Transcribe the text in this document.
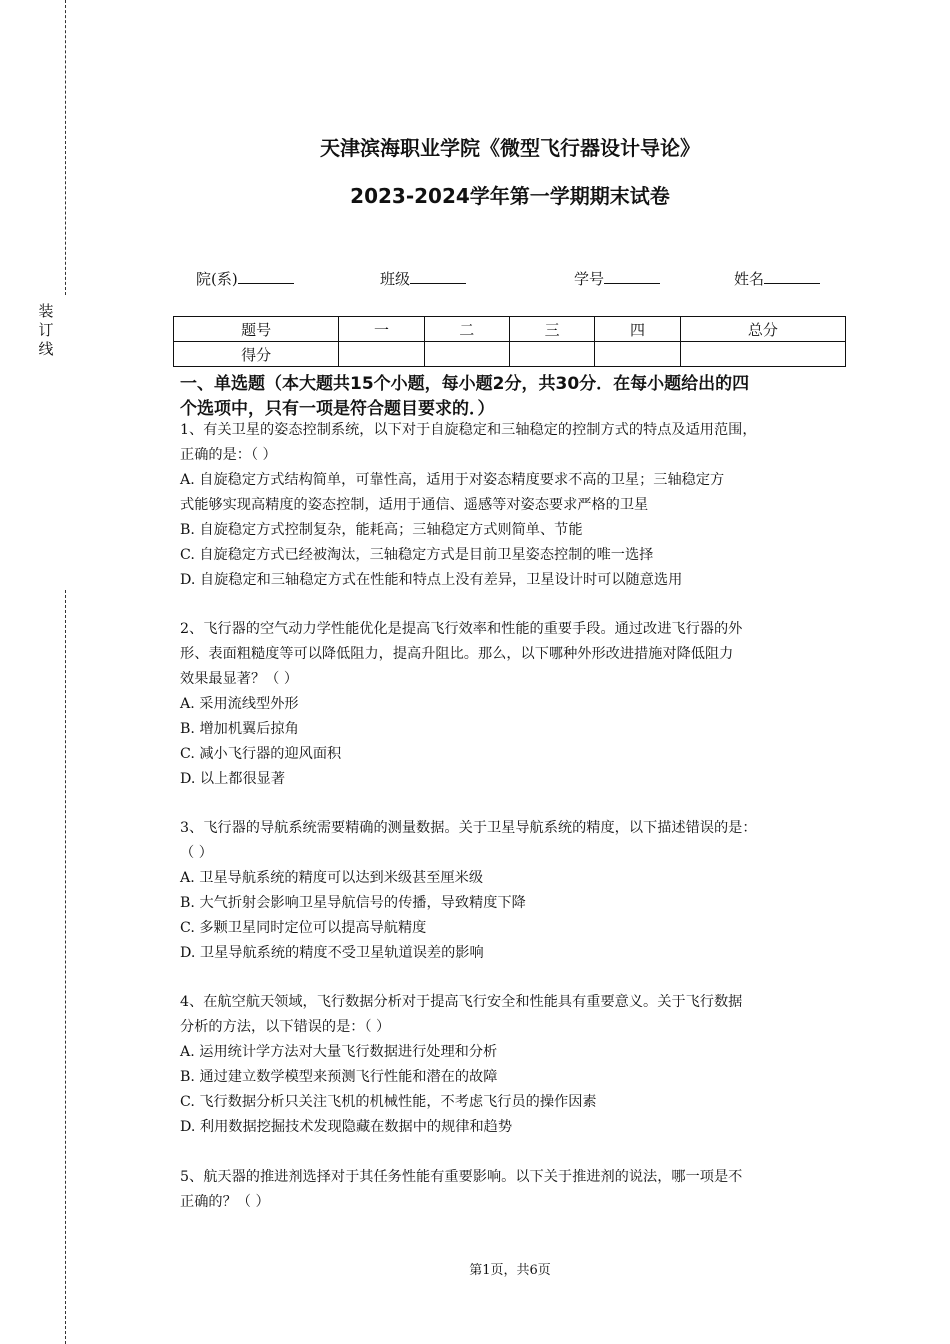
装
订
线
天津滨海职业学院《微型飞行器设计导论》
2023-2024学年第一学期期末试卷
院(系)	班级	学号	姓名
题号	一	二	三	四	总分
得分					
一、单选题（本大题共15个小题，每小题2分，共30分．在每小题给出的四
个选项中，只有一项是符合题目要求的．）

1、有关卫星的姿态控制系统，以下对于自旋稳定和三轴稳定的控制方式的特点及适用范围，

正确的是：（ ）

A. 自旋稳定方式结构简单，可靠性高，适用于对姿态精度要求不高的卫星；三轴稳定方

式能够实现高精度的姿态控制，适用于通信、遥感等对姿态要求严格的卫星

B. 自旋稳定方式控制复杂，能耗高；三轴稳定方式则简单、节能

C. 自旋稳定方式已经被淘汰，三轴稳定方式是目前卫星姿态控制的唯一选择

D. 自旋稳定和三轴稳定方式在性能和特点上没有差异，卫星设计时可以随意选用

2、飞行器的空气动力学性能优化是提高飞行效率和性能的重要手段。通过改进飞行器的外

形、表面粗糙度等可以降低阻力，提高升阻比。那么，以下哪种外形改进措施对降低阻力

效果最显著？（ ）

A. 采用流线型外形

B. 增加机翼后掠角

C. 减小飞行器的迎风面积

D. 以上都很显著

3、飞行器的导航系统需要精确的测量数据。关于卫星导航系统的精度，以下描述错误的是：

（ ）

A. 卫星导航系统的精度可以达到米级甚至厘米级

B. 大气折射会影响卫星导航信号的传播，导致精度下降

C. 多颗卫星同时定位可以提高导航精度

D. 卫星导航系统的精度不受卫星轨道误差的影响

4、在航空航天领域，飞行数据分析对于提高飞行安全和性能具有重要意义。关于飞行数据

分析的方法，以下错误的是：（ ）

A. 运用统计学方法对大量飞行数据进行处理和分析

B. 通过建立数学模型来预测飞行性能和潜在的故障

C. 飞行数据分析只关注飞机的机械性能，不考虑飞行员的操作因素

D. 利用数据挖掘技术发现隐藏在数据中的规律和趋势

5、航天器的推进剂选择对于其任务性能有重要影响。以下关于推进剂的说法，哪一项是不

正确的？（ ）

第1页，共6页
